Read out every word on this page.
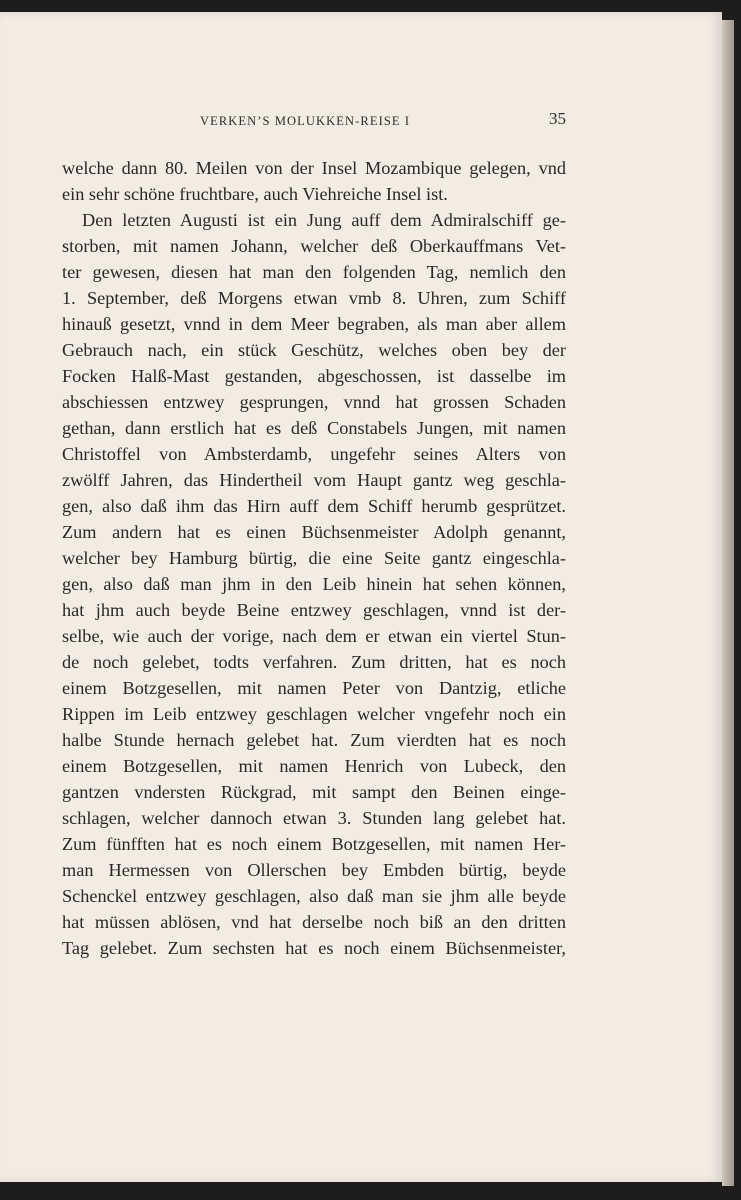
VERKEN’S MOLUKKEN-REISE I	35
welche dann 80. Meilen von der Insel Mozambique gelegen, vnd
ein sehr schöne fruchtbare, auch Viehreiche Insel ist.
Den letzten Augusti ist ein Jung auff dem Admiralschiff ge-
storben, mit namen Johann, welcher deß Oberkauffmans Vet-
ter gewesen, diesen hat man den folgenden Tag, nemlich den
1. September, deß Morgens etwan vmb 8. Uhren, zum Schiff
hinauß gesetzt, vnnd in dem Meer begraben, als man aber allem
Gebrauch nach, ein stück Geschütz, welches oben bey der
Focken Halß-Mast gestanden, abgeschossen, ist dasselbe im
abschiessen entzwey gesprungen, vnnd hat grossen Schaden
gethan, dann erstlich hat es deß Constabels Jungen, mit namen
Christoffel von Ambsterdamb, ungefehr seines Alters von
zwölff Jahren, das Hindertheil vom Haupt gantz weg geschla-
gen, also daß ihm das Hirn auff dem Schiff herumb gesprützet.
Zum andern hat es einen Büchsenmeister Adolph genannt,
welcher bey Hamburg bürtig, die eine Seite gantz eingeschla-
gen, also daß man jhm in den Leib hinein hat sehen können,
hat jhm auch beyde Beine entzwey geschlagen, vnnd ist der-
selbe, wie auch der vorige, nach dem er etwan ein viertel Stun-
de noch gelebet, todts verfahren. Zum dritten, hat es noch
einem Botzgesellen, mit namen Peter von Dantzig, etliche
Rippen im Leib entzwey geschlagen welcher vngefehr noch ein
halbe Stunde hernach gelebet hat. Zum vierdten hat es noch
einem Botzgesellen, mit namen Henrich von Lubeck, den
gantzen vndersten Rückgrad, mit sampt den Beinen einge-
schlagen, welcher dannoch etwan 3. Stunden lang gelebet hat.
Zum fünfften hat es noch einem Botzgesellen, mit namen Her-
man Hermessen von Ollerschen bey Embden bürtig, beyde
Schenckel entzwey geschlagen, also daß man sie jhm alle beyde
hat müssen ablösen, vnd hat derselbe noch biß an den dritten
Tag gelebet. Zum sechsten hat es noch einem Büchsenmeister,
